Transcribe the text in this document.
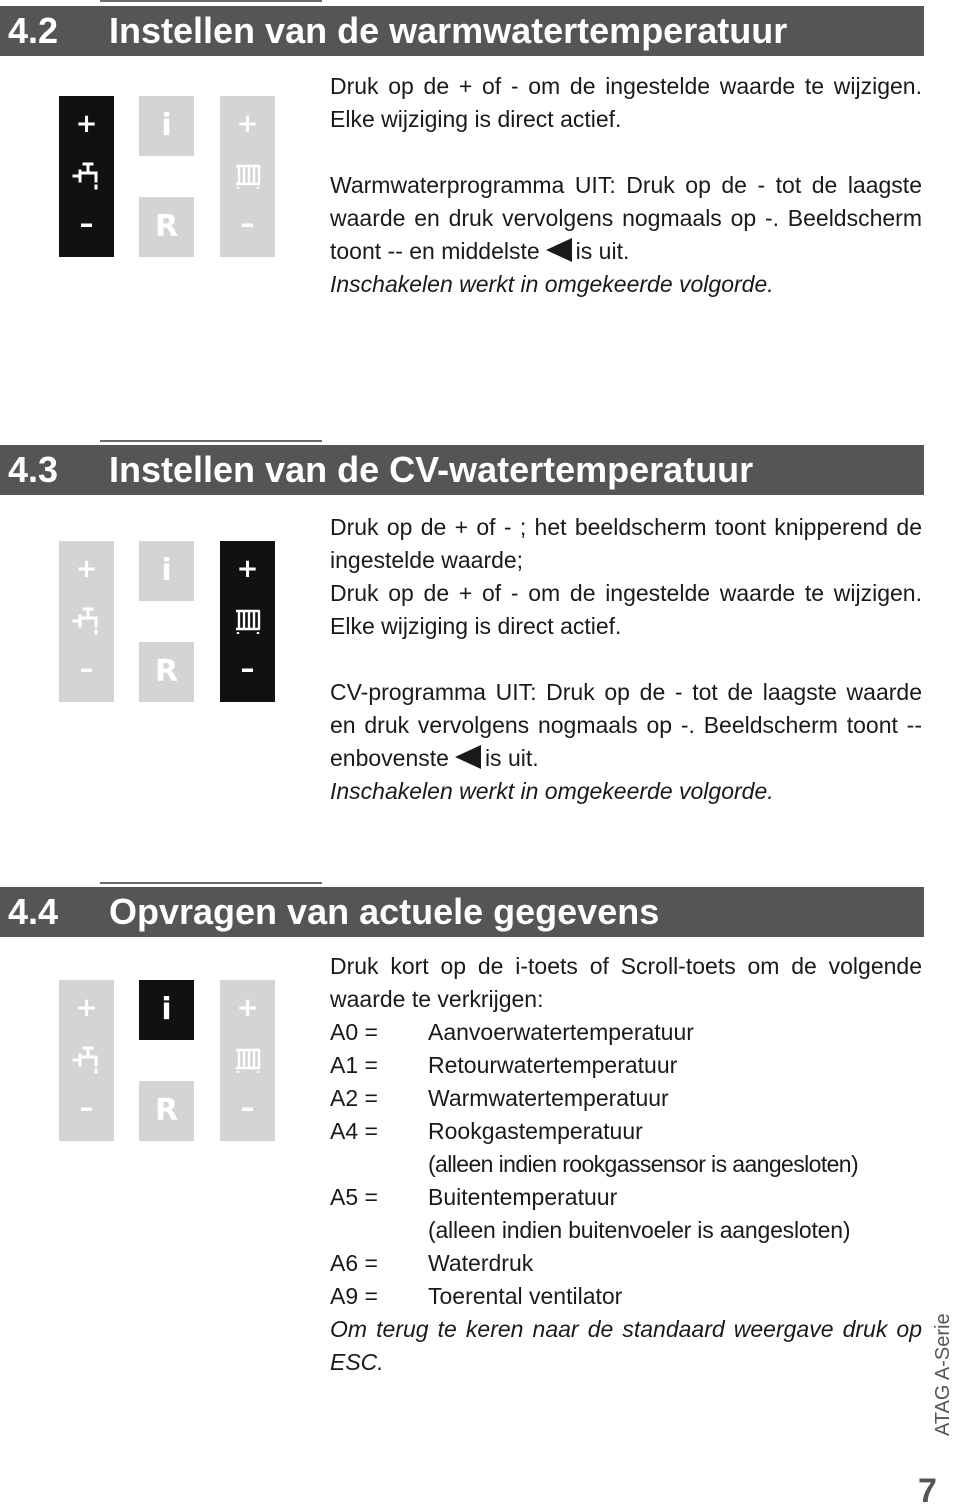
4.2 Instellen van de warmwatertemperatuur
+
–
i
R
+
–

Druk op de + of - om de ingestelde waarde te wijzigen. Elke wijziging is direct actief.

Warmwaterprogramma UIT: Druk op de - tot de laagste waarde en druk vervolgens nogmaals op -. Beeldscherm toont -- en middelste is uit.

Inschakelen werkt in omgekeerde volgorde.

4.3 Instellen van de CV-watertemperatuur
+
–
i
R
+
–

Druk op de + of - ; het beeldscherm toont knipperend de ingestelde waarde;

Druk op de + of - om de ingestelde waarde te wijzigen. Elke wijziging is direct actief.

CV-programma UIT: Druk op de - tot de laagste waarde en druk vervolgens nogmaals op -. Beeldscherm toont -- enbovenste is uit.

Inschakelen werkt in omgekeerde volgorde.

4.4 Opvragen van actuele gegevens
+
–
i
R
+
–

Druk kort op de i-toets of Scroll-toets om de volgende waarde te verkrijgen:

A0 = Aanvoerwatertemperatuur
A1 = Retourwatertemperatuur
A2 = Warmwatertemperatuur
A4 = Rookgastemperatuur
(alleen indien rookgassensor is aangesloten)
A5 = Buitentemperatuur
(alleen indien buitenvoeler is aangesloten)
A6 = Waterdruk
A9 = Toerental ventilator

Om terug te keren naar de standaard weergave druk op ESC.	ATAG A-Serie
7
